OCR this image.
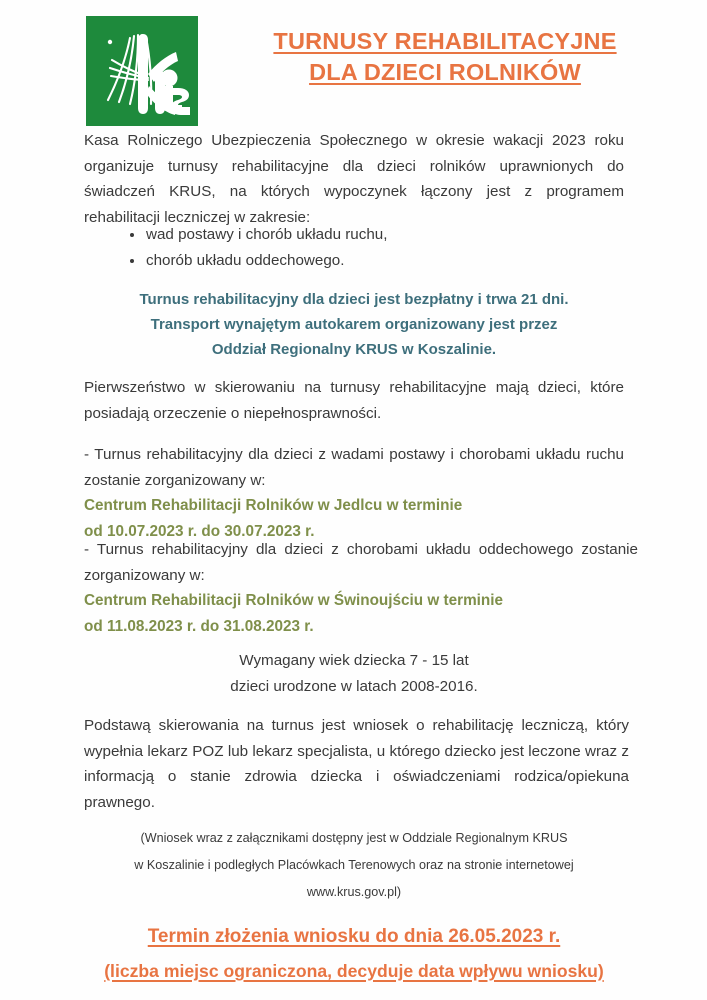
TURNUSY REHABILITACYJNE
DLA DZIECI ROLNIKÓW
Kasa Rolniczego Ubezpieczenia Społecznego w okresie wakacji 2023 roku organizuje turnusy rehabilitacyjne dla dzieci rolników uprawnionych do świadczeń KRUS, na których wypoczynek łączony jest z programem rehabilitacji leczniczej w zakresie:
wad postawy i chorób układu ruchu,
chorób układu oddechowego.
Turnus rehabilitacyjny dla dzieci jest bezpłatny i trwa 21 dni.
Transport wynajętym autokarem organizowany jest przez
Oddział Regionalny KRUS w Koszalinie.
Pierwszeństwo w skierowaniu na turnusy rehabilitacyjne mają dzieci, które posiadają orzeczenie o niepełnosprawności.
- Turnus rehabilitacyjny dla dzieci z wadami postawy i chorobami układu ruchu zostanie zorganizowany w:
Centrum Rehabilitacji Rolników w Jedlcu w terminie
od 10.07.2023 r. do 30.07.2023 r.
- Turnus rehabilitacyjny dla dzieci z chorobami układu oddechowego zostanie zorganizowany w:
Centrum Rehabilitacji Rolników w Świnoujściu w terminie
od 11.08.2023 r. do 31.08.2023 r.
Wymagany wiek dziecka 7 - 15 lat
dzieci urodzone w latach 2008-2016.
Podstawą skierowania na turnus jest wniosek o rehabilitację leczniczą, który wypełnia lekarz POZ lub lekarz specjalista, u którego dziecko jest leczone wraz z informacją o stanie zdrowia dziecka i oświadczeniami rodzica/opiekuna prawnego.
(Wniosek wraz z załącznikami dostępny jest w Oddziale Regionalnym KRUS
w Koszalinie i podległych Placówkach Terenowych oraz na stronie internetowej
www.krus.gov.pl)
Termin złożenia wniosku do dnia 26.05.2023 r.
(liczba miejsc ograniczona, decyduje data wpływu wniosku)
